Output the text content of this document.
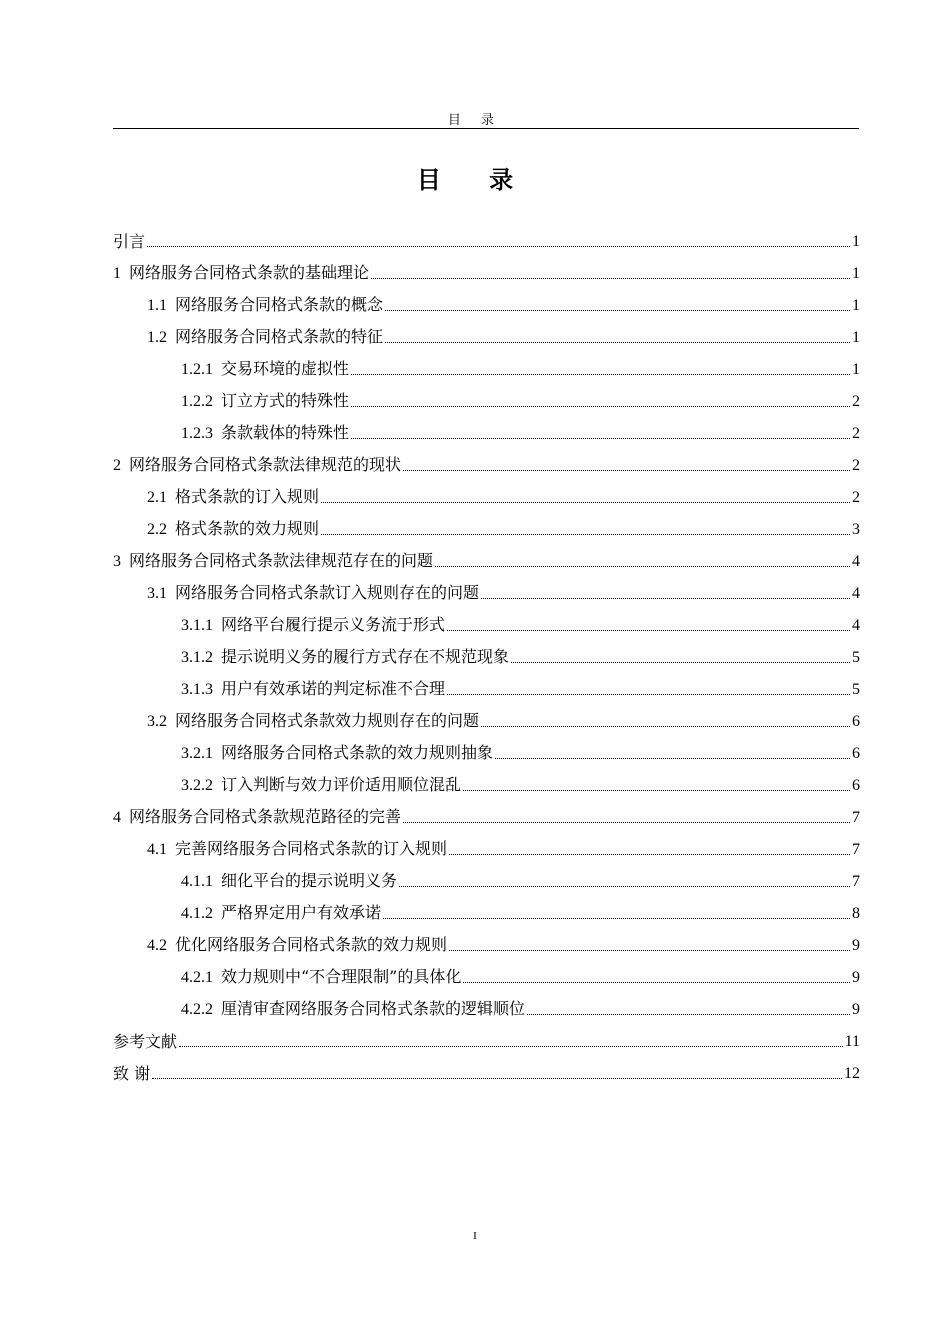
目 录
目 录
引言	1
1 网络服务合同格式条款的基础理论	1
1.1 网络服务合同格式条款的概念	1
1.2 网络服务合同格式条款的特征	1
1.2.1 交易环境的虚拟性	1
1.2.2 订立方式的特殊性	2
1.2.3 条款载体的特殊性	2
2 网络服务合同格式条款法律规范的现状	2
2.1 格式条款的订入规则	2
2.2 格式条款的效力规则	3
3 网络服务合同格式条款法律规范存在的问题	4
3.1 网络服务合同格式条款订入规则存在的问题	4
3.1.1 网络平台履行提示义务流于形式	4
3.1.2 提示说明义务的履行方式存在不规范现象	5
3.1.3 用户有效承诺的判定标准不合理	5
3.2 网络服务合同格式条款效力规则存在的问题	6
3.2.1 网络服务合同格式条款的效力规则抽象	6
3.2.2 订入判断与效力评价适用顺位混乱	6
4 网络服务合同格式条款规范路径的完善	7
4.1 完善网络服务合同格式条款的订入规则	7
4.1.1 细化平台的提示说明义务	7
4.1.2 严格界定用户有效承诺	8
4.2 优化网络服务合同格式条款的效力规则	9
4.2.1 效力规则中“不合理限制”的具体化	9
4.2.2 厘清审查网络服务合同格式条款的逻辑顺位	9
参考文献	11
致 谢	12
I
